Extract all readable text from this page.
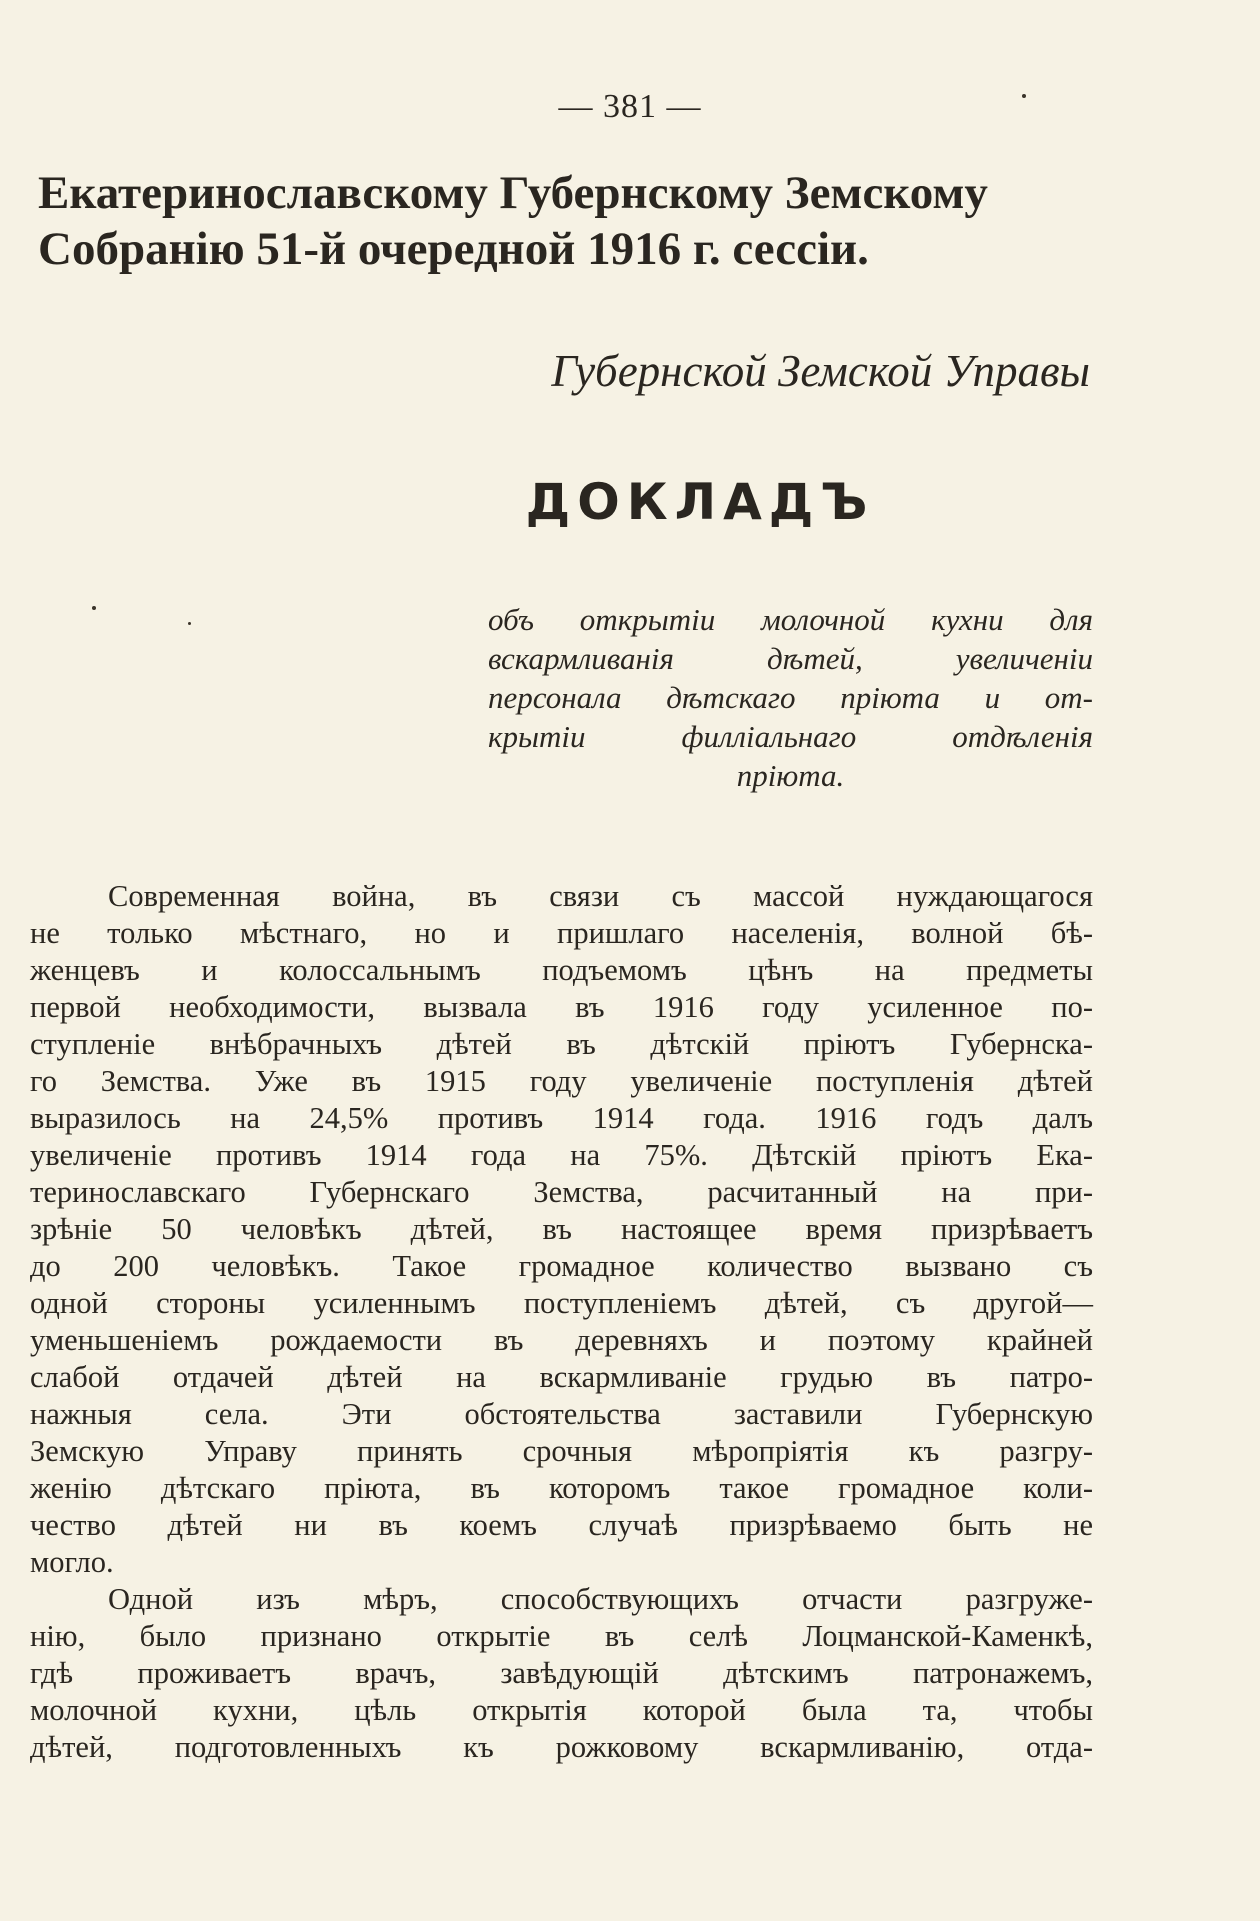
— 381 —
Екатеринославскому Губернскому Земскому
Собранію 51-й очередной 1916 г. сессіи.
Губернской Земской Управы
ДОКЛАДЪ
объ открытіи молочной кухни для
вскармливанія дѣтей, увеличеніи
персонала дѣтскаго пріюта и от-
крытіи филліальнаго отдѣленія
пріюта.
Современная война, въ связи съ массой нуждающагося
не только мѣстнаго, но и пришлаго населенія, волной бѣ-
женцевъ и колоссальнымъ подъемомъ цѣнъ на предметы
первой необходимости, вызвала въ 1916 году усиленное по-
ступленіе внѣбрачныхъ дѣтей въ дѣтскій пріютъ Губернска-
го Земства. Уже въ 1915 году увеличеніе поступленія дѣтей
выразилось на 24,5% противъ 1914 года. 1916 годъ далъ
увеличеніе противъ 1914 года на 75%. Дѣтскій пріютъ Ека-
теринославскаго Губернскаго Земства, расчитанный на при-
зрѣніе 50 человѣкъ дѣтей, въ настоящее время призрѣваетъ
до 200 человѣкъ. Такое громадное количество вызвано съ
одной стороны усиленнымъ поступленіемъ дѣтей, съ другой—
уменьшеніемъ рождаемости въ деревняхъ и поэтому крайней
слабой отдачей дѣтей на вскармливаніе грудью въ патро-
нажныя села. Эти обстоятельства заставили Губернскую
Земскую Управу принять срочныя мѣропріятія къ разгру-
женію дѣтскаго пріюта, въ которомъ такое громадное коли-
чество дѣтей ни въ коемъ случаѣ призрѣваемо быть не
могло.
Одной изъ мѣръ, способствующихъ отчасти разгруже-
нію, было признано открытіе въ селѣ Лоцманской-Каменкѣ,
гдѣ проживаетъ врачъ, завѣдующій дѣтскимъ патронажемъ,
молочной кухни, цѣль открытія которой была та, чтобы
дѣтей, подготовленныхъ къ рожковому вскармливанію, отда-
